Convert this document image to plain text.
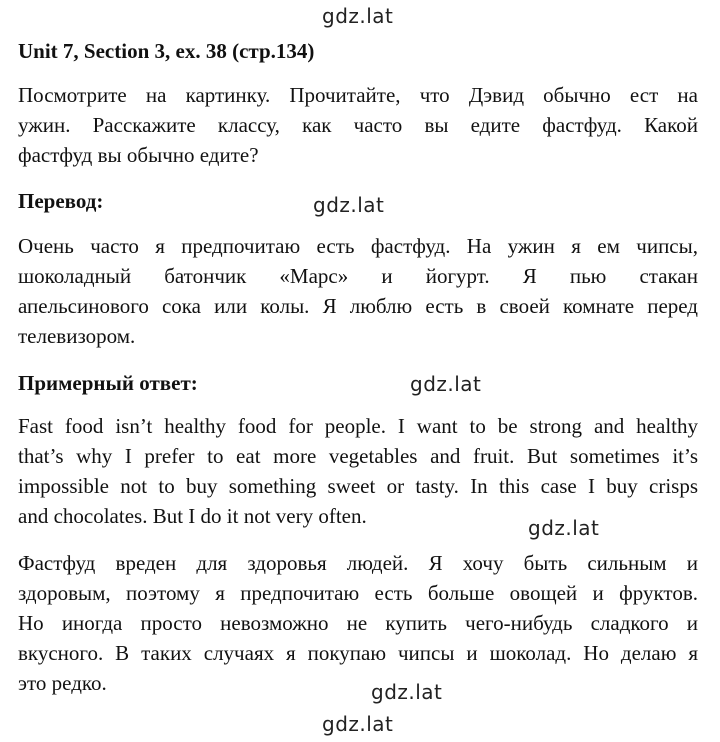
gdz.lat
Unit 7, Section 3, ex. 38 (стр.134)
Посмотрите на картинку. Прочитайте, что Дэвид обычно ест на
ужин. Расскажите классу, как часто вы едите фастфуд. Какой
фастфуд вы обычно едите?
Перевод:	gdz.lat
Очень часто я предпочитаю есть фастфуд. На ужин я ем чипсы,
шоколадный батончик «Марс» и йогурт. Я пью стакан
апельсинового сока или колы. Я люблю есть в своей комнате перед
телевизором.
Примерный ответ:	gdz.lat
Fast food isn’t healthy food for people. I want to be strong and healthy
that’s why I prefer to eat more vegetables and fruit. But sometimes it’s
impossible not to buy something sweet or tasty. In this case I buy crisps
and chocolates. But I do it not very often.	gdz.lat
Фастфуд вреден для здоровья людей. Я хочу быть сильным и
здоровым, поэтому я предпочитаю есть больше овощей и фруктов.
Но иногда просто невозможно не купить чего-нибудь сладкого и
вкусного. В таких случаях я покупаю чипсы и шоколад. Но делаю я
это редко.	gdz.lat
gdz.lat
